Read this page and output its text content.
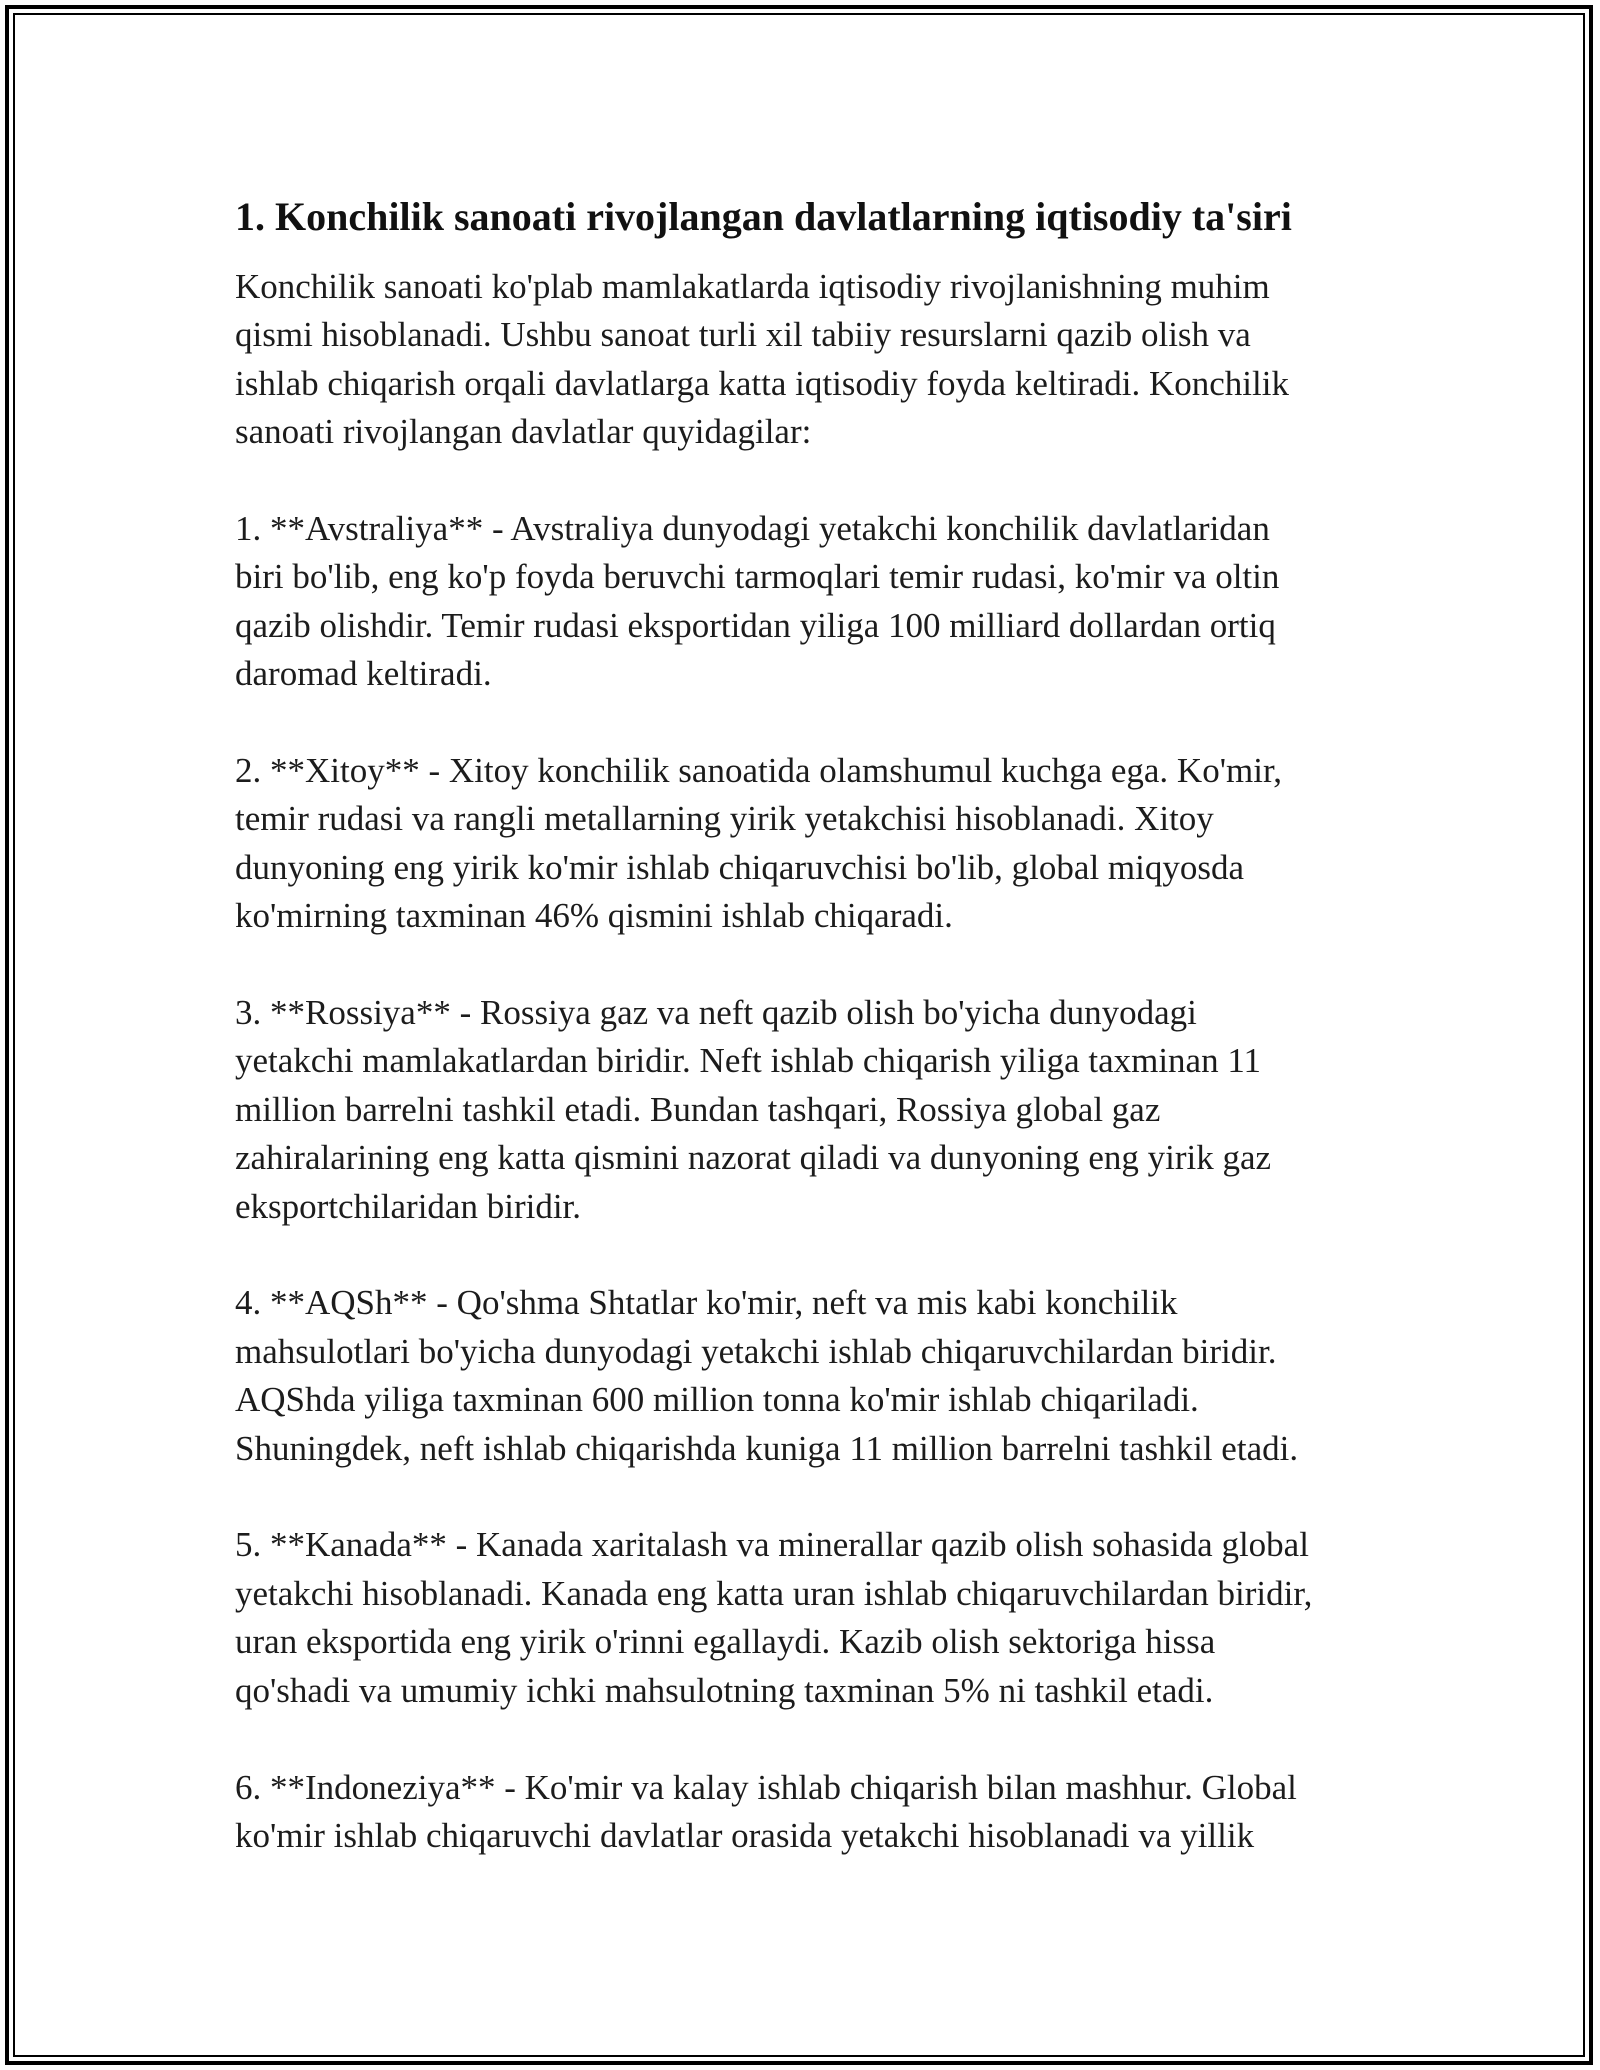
1. Konchilik sanoati rivojlangan davlatlarning iqtisodiy ta'siri
Konchilik sanoati ko'plab mamlakatlarda iqtisodiy rivojlanishning muhim
qismi hisoblanadi. Ushbu sanoat turli xil tabiiy resurslarni qazib olish va
ishlab chiqarish orqali davlatlarga katta iqtisodiy foyda keltiradi. Konchilik
sanoati rivojlangan davlatlar quyidagilar:
1. **Avstraliya** - Avstraliya dunyodagi yetakchi konchilik davlatlaridan
biri bo'lib, eng ko'p foyda beruvchi tarmoqlari temir rudasi, ko'mir va oltin
qazib olishdir. Temir rudasi eksportidan yiliga 100 milliard dollardan ortiq
daromad keltiradi.
2. **Xitoy** - Xitoy konchilik sanoatida olamshumul kuchga ega. Ko'mir,
temir rudasi va rangli metallarning yirik yetakchisi hisoblanadi. Xitoy
dunyoning eng yirik ko'mir ishlab chiqaruvchisi bo'lib, global miqyosda
ko'mirning taxminan 46% qismini ishlab chiqaradi.
3. **Rossiya** - Rossiya gaz va neft qazib olish bo'yicha dunyodagi
yetakchi mamlakatlardan biridir. Neft ishlab chiqarish yiliga taxminan 11
million barrelni tashkil etadi. Bundan tashqari, Rossiya global gaz
zahiralarining eng katta qismini nazorat qiladi va dunyoning eng yirik gaz
eksportchilaridan biridir.
4. **AQSh** - Qo'shma Shtatlar ko'mir, neft va mis kabi konchilik
mahsulotlari bo'yicha dunyodagi yetakchi ishlab chiqaruvchilardan biridir.
AQShda yiliga taxminan 600 million tonna ko'mir ishlab chiqariladi.
Shuningdek, neft ishlab chiqarishda kuniga 11 million barrelni tashkil etadi.
5. **Kanada** - Kanada xaritalash va minerallar qazib olish sohasida global
yetakchi hisoblanadi. Kanada eng katta uran ishlab chiqaruvchilardan biridir,
uran eksportida eng yirik o'rinni egallaydi. Kazib olish sektoriga hissa
qo'shadi va umumiy ichki mahsulotning taxminan 5% ni tashkil etadi.
6. **Indoneziya** - Ko'mir va kalay ishlab chiqarish bilan mashhur. Global
ko'mir ishlab chiqaruvchi davlatlar orasida yetakchi hisoblanadi va yillik
